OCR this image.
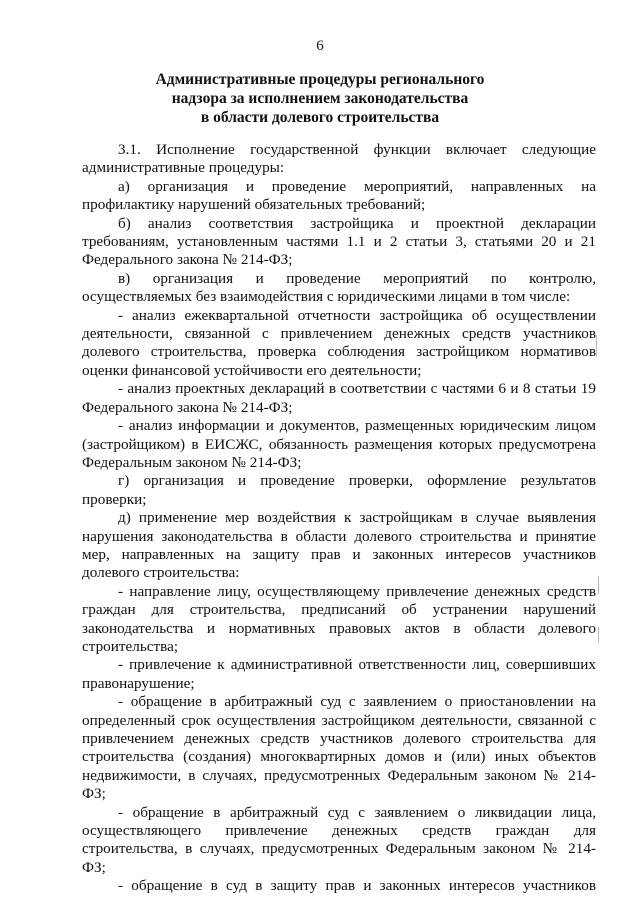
6
Административные процедуры регионального
надзора за исполнением законодательства
в области долевого строительства
3.1. Исполнение государственной функции включает следующие
административные процедуры:
а) организация и проведение мероприятий, направленных на
профилактику нарушений обязательных требований;
б) анализ соответствия застройщика и проектной декларации
требованиям, установленным частями 1.1 и 2 статьи 3, статьями 20 и 21
Федерального закона № 214-ФЗ;
в) организация и проведение мероприятий по контролю,
осуществляемых без взаимодействия с юридическими лицами в том числе:
- анализ ежеквартальной отчетности застройщика об осуществлении
деятельности, связанной с привлечением денежных средств участников
долевого строительства, проверка соблюдения застройщиком нормативов
оценки финансовой устойчивости его деятельности;
- анализ проектных деклараций в соответствии с частями 6 и 8 статьи 19
Федерального закона № 214-ФЗ;
- анализ информации и документов, размещенных юридическим лицом
(застройщиком) в ЕИСЖС, обязанность размещения которых предусмотрена
Федеральным законом № 214-ФЗ;
г) организация и проведение проверки, оформление результатов
проверки;
д) применение мер воздействия к застройщикам в случае выявления
нарушения законодательства в области долевого строительства и принятие
мер, направленных на защиту прав и законных интересов участников
долевого строительства:
- направление лицу, осуществляющему привлечение денежных средств
граждан для строительства, предписаний об устранении нарушений
законодательства и нормативных правовых актов в области долевого
строительства;
- привлечение к административной ответственности лиц, совершивших
правонарушение;
- обращение в арбитражный суд с заявлением о приостановлении на
определенный срок осуществления застройщиком деятельности, связанной с
привлечением денежных средств участников долевого строительства для
строительства (создания) многоквартирных домов и (или) иных объектов
недвижимости, в случаях, предусмотренных Федеральным законом № 214-
ФЗ;
- обращение в арбитражный суд с заявлением о ликвидации лица,
осуществляющего привлечение денежных средств граждан для
строительства, в случаях, предусмотренных Федеральным законом № 214-
ФЗ;
- обращение в суд в защиту прав и законных интересов участников
